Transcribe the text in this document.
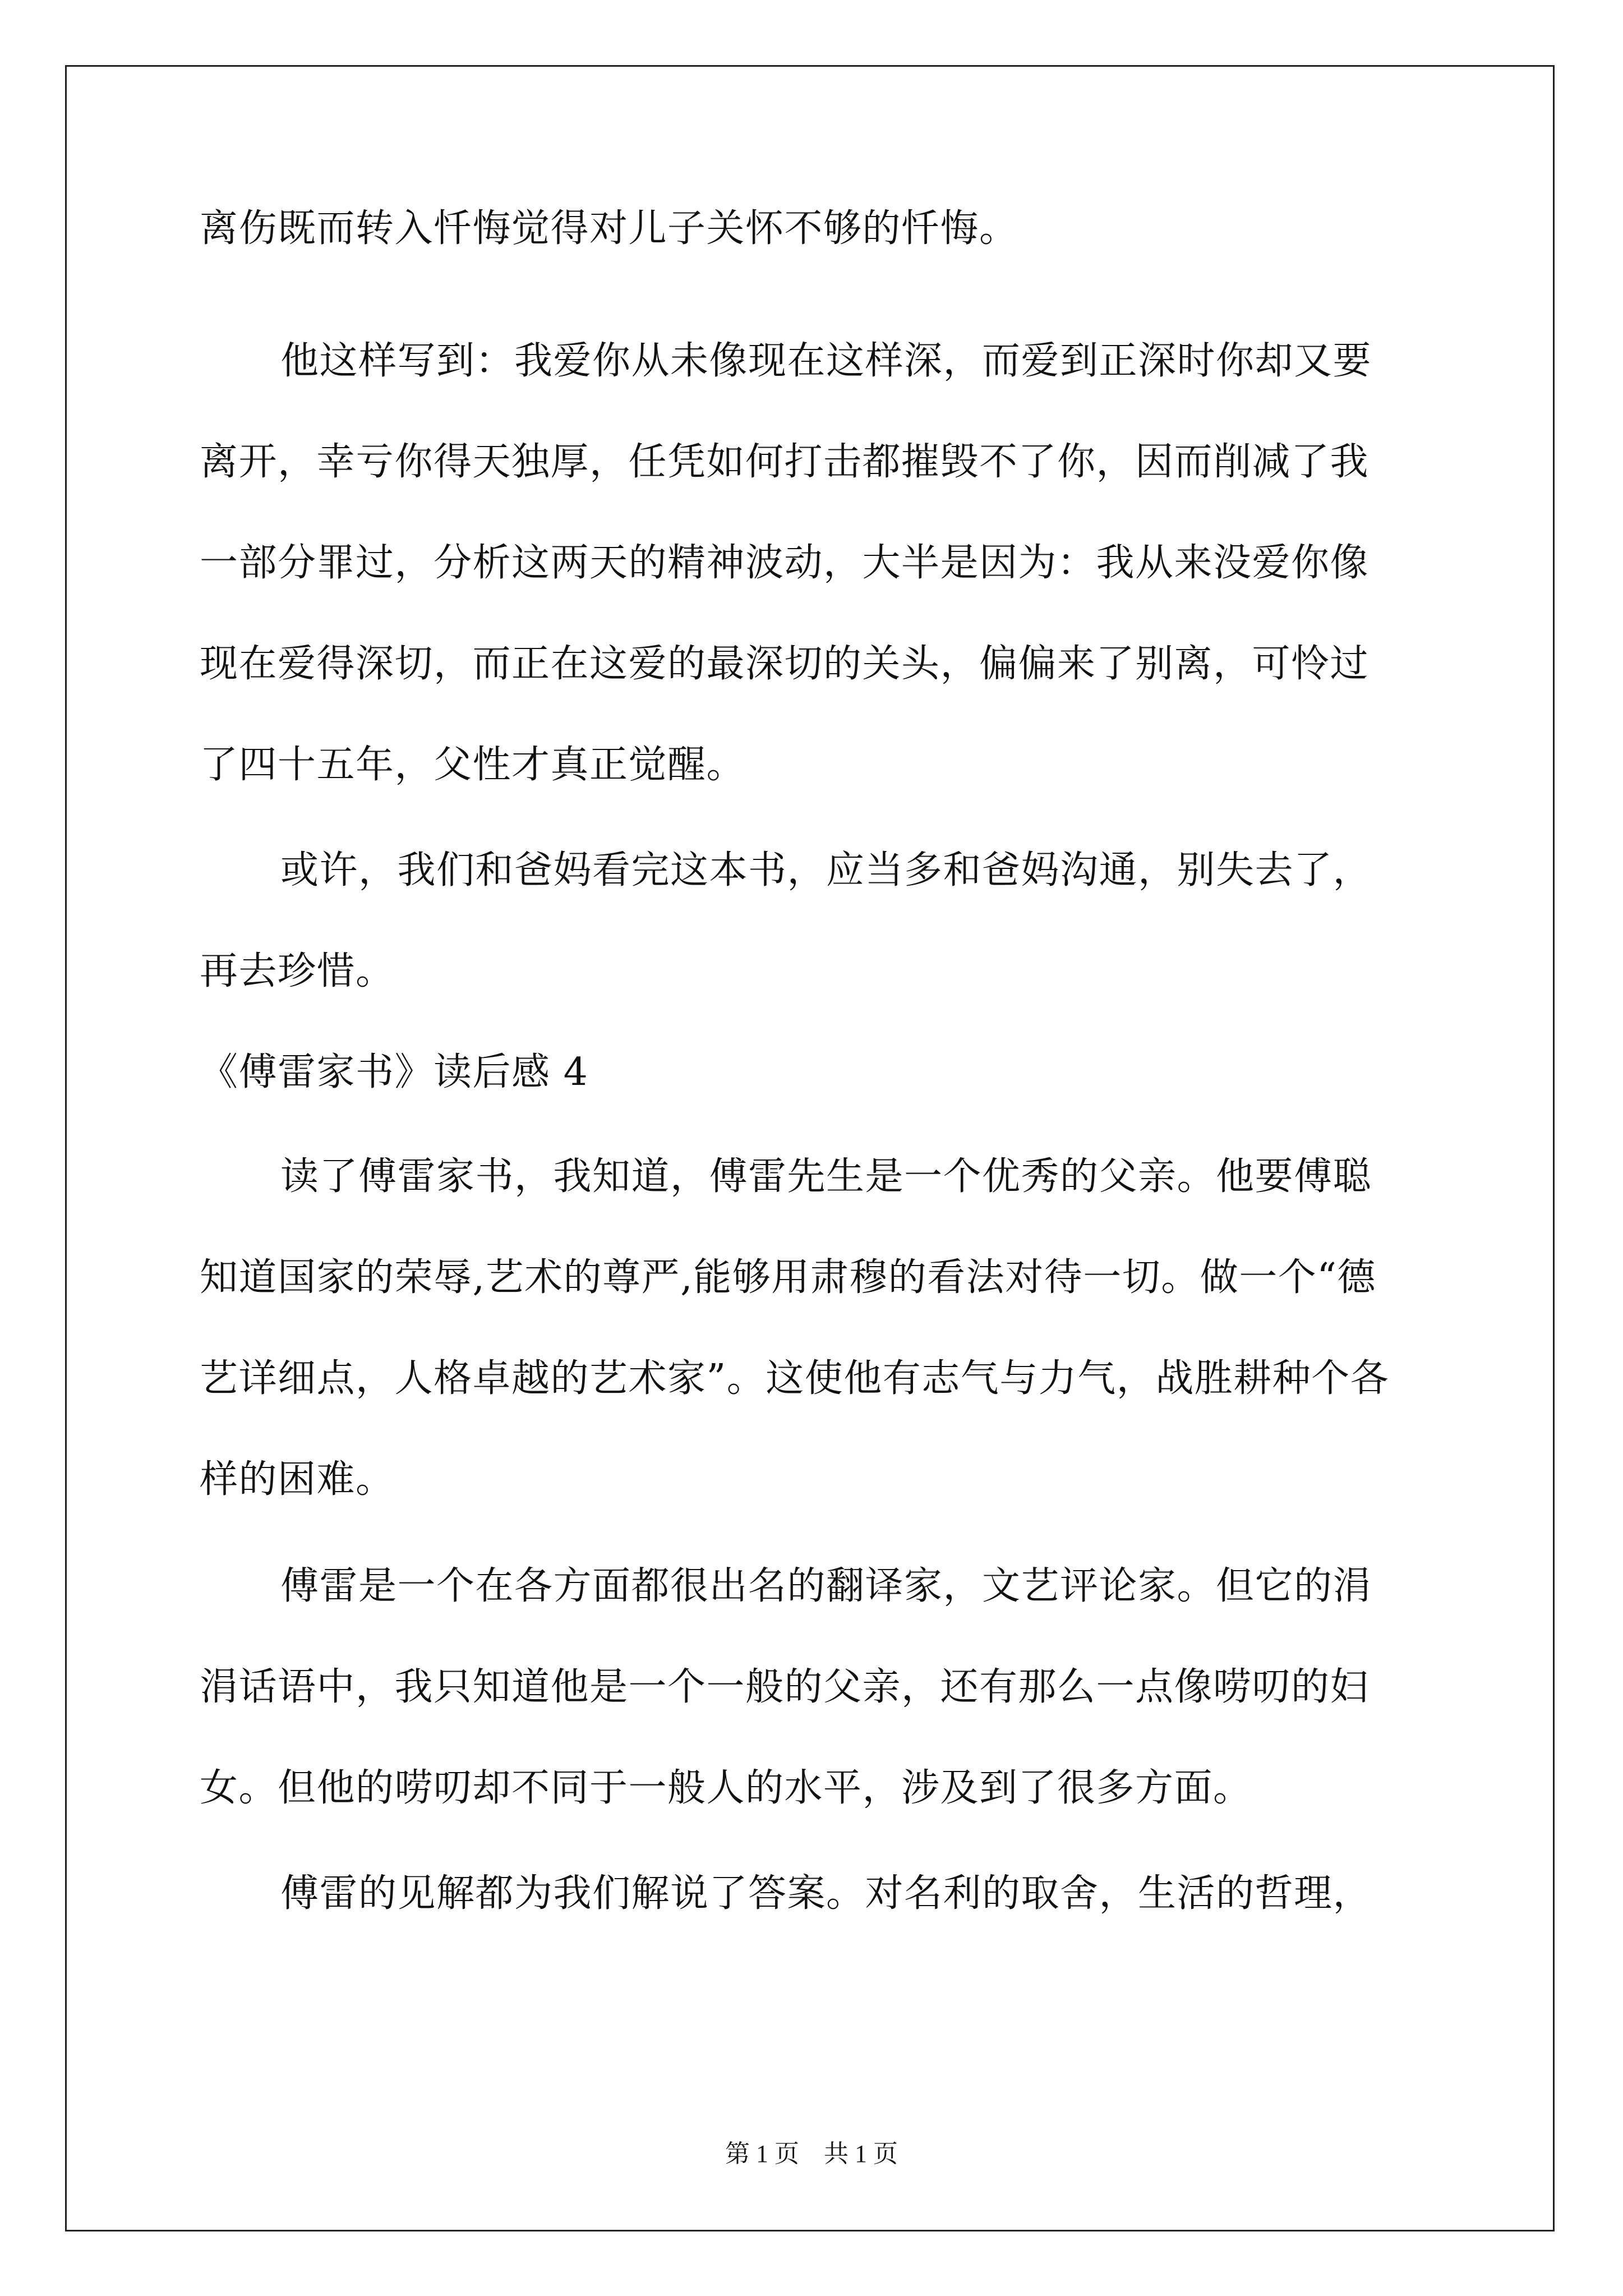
离伤既而转入忏悔觉得对儿子关怀不够的忏悔。
他这样写到：我爱你从未像现在这样深，而爱到正深时你却又要
离开，幸亏你得天独厚，任凭如何打击都摧毁不了你，因而削减了我
一部分罪过，分析这两天的精神波动，大半是因为：我从来没爱你像
现在爱得深切，而正在这爱的最深切的关头，偏偏来了别离，可怜过
了四十五年，父性才真正觉醒。
或许，我们和爸妈看完这本书，应当多和爸妈沟通，别失去了，
再去珍惜。
《傅雷家书》读后感 4
读了傅雷家书，我知道，傅雷先生是一个优秀的父亲。他要傅聪
知道国家的荣辱,艺术的尊严,能够用肃穆的看法对待一切。做一个“德
艺详细点，人格卓越的艺术家”。这使他有志气与力气，战胜耕种个各
样的困难。
傅雷是一个在各方面都很出名的翻译家，文艺评论家。但它的涓
涓话语中，我只知道他是一个一般的父亲，还有那么一点像唠叨的妇
女。但他的唠叨却不同于一般人的水平，涉及到了很多方面。
傅雷的见解都为我们解说了答案。对名利的取舍，生活的哲理，
第 1 页    共 1 页
